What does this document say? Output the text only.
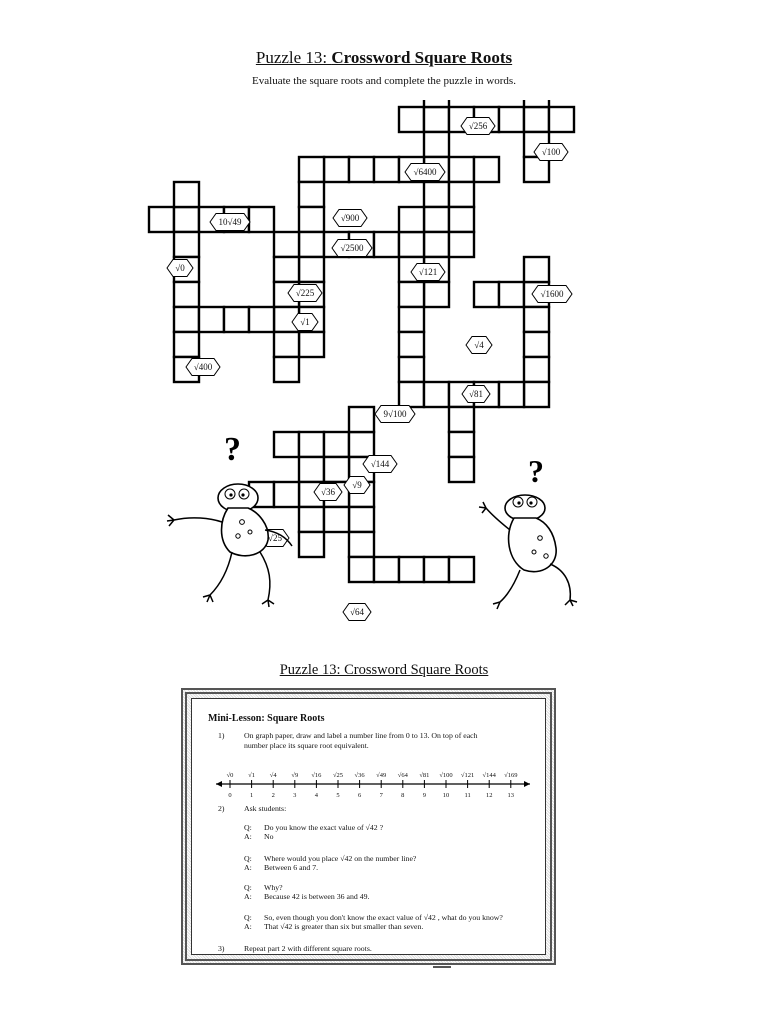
Puzzle 13: Crossword Square Roots
Evaluate the square roots and complete the puzzle in words.
√256
√100
√6400
10√49	√900
√2500
√0	√121
√225	√1600
√1
√4
√400
√81
9√100
√144
√36
√9
√25
√64
?
?
Puzzle 13: Crossword Square Roots
Mini-Lesson: Square Roots
1)	On graph paper, draw and label a number line from 0 to 13. On top of each
number place its square root equivalent.
0
√0
1
√1
2
√4
3
√9
4
√16
5
√25
6
√36
7
√49
8
√64
9
√81
10
√100
11
√121
12
√144
13
√169
2)	Ask students:
Q: Do you know the exact value of √42 ?
A: No
Q: Where would you place √42 on the number line?
A: Between 6 and 7.
Q: Why?
A: Because 42 is between 36 and 49.
Q: So, even though you don't know the exact value of √42 , what do you know?
A: That √42 is greater than six but smaller than seven.
3)	Repeat part 2 with different square roots.
